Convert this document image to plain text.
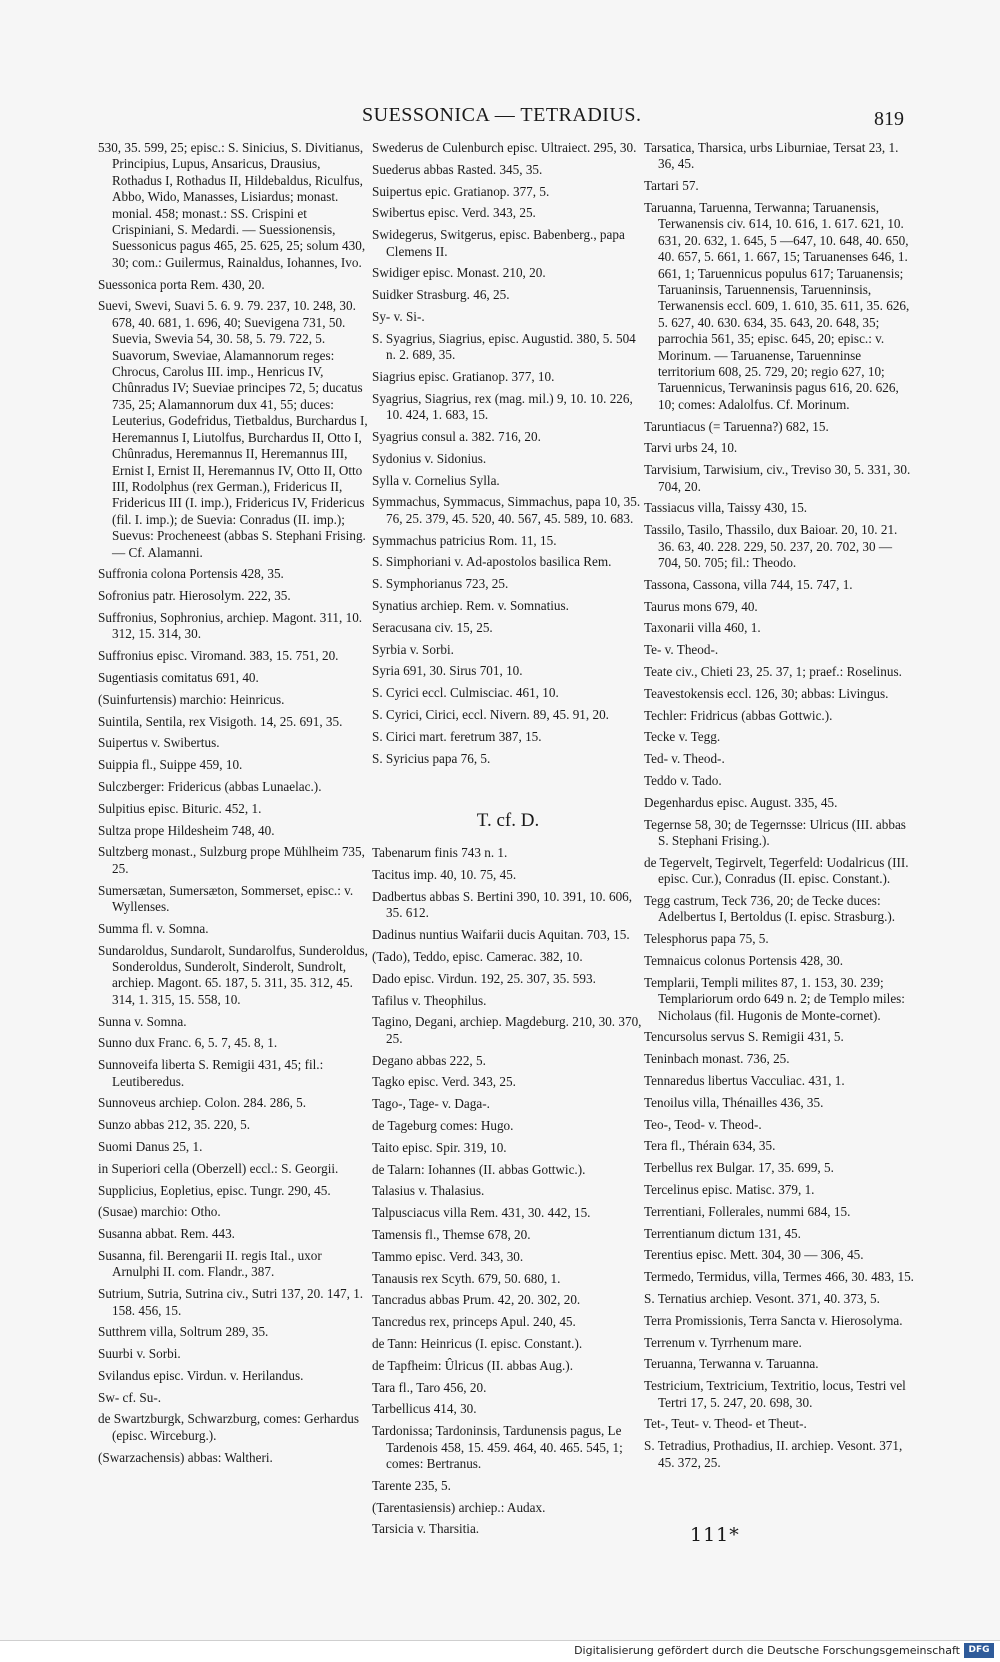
SUESSONICA — TETRADIUS.	819
530, 35. 599, 25; episc.: S. Sinicius, S. Divitianus, Principius, Lupus, Ansaricus, Drausius, Rothadus I, Rothadus II, Hildebaldus, Riculfus, Abbo, Wido, Manasses, Lisiardus; monast. monial. 458; monast.: SS. Crispini et Crispiniani, S. Medardi. — Suessionensis, Suessonicus pagus 465, 25. 625, 25; solum 430, 30; com.: Guilermus, Rainaldus, Iohannes, Ivo.
Suessonica porta Rem. 430, 20.
Suevi, Swevi, Suavi 5. 6. 9. 79. 237, 10. 248, 30. 678, 40. 681, 1. 696, 40; Suevigena 731, 50. Suevia, Swevia 54, 30. 58, 5. 79. 722, 5. Suavorum, Sweviae, Alamannorum reges: Chrocus, Carolus III. imp., Henricus IV, Chûnradus IV; Sueviae principes 72, 5; ducatus 735, 25; Alamannorum dux 41, 55; duces: Leuterius, Godefridus, Tietbaldus, Burchardus I, Heremannus I, Liutolfus, Burchardus II, Otto I, Chûnradus, Heremannus II, Heremannus III, Ernist I, Ernist II, Heremannus IV, Otto II, Otto III, Rodolphus (rex German.), Fridericus II, Fridericus III (I. imp.), Fridericus IV, Fridericus (fil. I. imp.); de Suevia: Conradus (II. imp.); Suevus: Procheneest (abbas S. Stephani Frising. — Cf. Alamanni.
Suffronia colona Portensis 428, 35.
Sofronius patr. Hierosolym. 222, 35.
Suffronius, Sophronius, archiep. Magont. 311, 10. 312, 15. 314, 30.
Suffronius episc. Viromand. 383, 15. 751, 20.
Sugentiasis comitatus 691, 40.
(Suinfurtensis) marchio: Heinricus.
Suintila, Sentila, rex Visigoth. 14, 25. 691, 35.
Suipertus v. Swibertus.
Suippia fl., Suippe 459, 10.
Sulczberger: Fridericus (abbas Lunaelac.).
Sulpitius episc. Bituric. 452, 1.
Sultza prope Hildesheim 748, 40.
Sultzberg monast., Sulzburg prope Mühlheim 735, 25.
Sumersætan, Sumersæton, Sommerset, episc.: v. Wyllenses.
Summa fl. v. Somna.
Sundaroldus, Sundarolt, Sundarolfus, Sunderoldus, Sonderoldus, Sunderolt, Sinderolt, Sundrolt, archiep. Magont. 65. 187, 5. 311, 35. 312, 45. 314, 1. 315, 15. 558, 10.
Sunna v. Somna.
Sunno dux Franc. 6, 5. 7, 45. 8, 1.
Sunnoveifa liberta S. Remigii 431, 45; fil.: Leutiberedus.
Sunnoveus archiep. Colon. 284. 286, 5.
Sunzo abbas 212, 35. 220, 5.
Suomi Danus 25, 1.
in Superiori cella (Oberzell) eccl.: S. Georgii.
Supplicius, Eopletius, episc. Tungr. 290, 45.
(Susae) marchio: Otho.
Susanna abbat. Rem. 443.
Susanna, fil. Berengarii II. regis Ital., uxor Arnulphi II. com. Flandr., 387.
Sutrium, Sutria, Sutrina civ., Sutri 137, 20. 147, 1. 158. 456, 15.
Sutthrem villa, Soltrum 289, 35.
Suurbi v. Sorbi.
Svilandus episc. Virdun. v. Herilandus.
Sw- cf. Su-.
de Swartzburgk, Schwarzburg, comes: Gerhardus (episc. Wirceburg.).
(Swarzachensis) abbas: Waltheri.
Swederus de Culenburch episc. Ultraiect. 295, 30.
Suederus abbas Rasted. 345, 35.
Suipertus epic. Gratianop. 377, 5.
Swibertus episc. Verd. 343, 25.
Swidegerus, Switgerus, episc. Babenberg., papa Clemens II.
Swidiger episc. Monast. 210, 20.
Suidker Strasburg. 46, 25.
Sy- v. Si-.
S. Syagrius, Siagrius, episc. Augustid. 380, 5. 504 n. 2. 689, 35.
Siagrius episc. Gratianop. 377, 10.
Syagrius, Siagrius, rex (mag. mil.) 9, 10. 10. 226, 10. 424, 1. 683, 15.
Syagrius consul a. 382. 716, 20.
Sydonius v. Sidonius.
Sylla v. Cornelius Sylla.
Symmachus, Symmacus, Simmachus, papa 10, 35. 76, 25. 379, 45. 520, 40. 567, 45. 589, 10. 683.
Symmachus patricius Rom. 11, 15.
S. Simphoriani v. Ad-apostolos basilica Rem.
S. Symphorianus 723, 25.
Synatius archiep. Rem. v. Somnatius.
Seracusana civ. 15, 25.
Syrbia v. Sorbi.
Syria 691, 30. Sirus 701, 10.
S. Cyrici eccl. Culmisciac. 461, 10.
S. Cyrici, Cirici, eccl. Nivern. 89, 45. 91, 20.
S. Cirici mart. feretrum 387, 15.
S. Syricius papa 76, 5.
T. cf. D.
Tabenarum finis 743 n. 1.
Tacitus imp. 40, 10. 75, 45.
Dadbertus abbas S. Bertini 390, 10. 391, 10. 606, 35. 612.
Dadinus nuntius Waifarii ducis Aquitan. 703, 15.
(Tado), Teddo, episc. Camerac. 382, 10.
Dado episc. Virdun. 192, 25. 307, 35. 593.
Tafilus v. Theophilus.
Tagino, Degani, archiep. Magdeburg. 210, 30. 370, 25.
Degano abbas 222, 5.
Tagko episc. Verd. 343, 25.
Tago-, Tage- v. Daga-.
de Tageburg comes: Hugo.
Taito episc. Spir. 319, 10.
de Talarn: Iohannes (II. abbas Gottwic.).
Talasius v. Thalasius.
Talpusciacus villa Rem. 431, 30. 442, 15.
Tamensis fl., Themse 678, 20.
Tammo episc. Verd. 343, 30.
Tanausis rex Scyth. 679, 50. 680, 1.
Tancradus abbas Prum. 42, 20. 302, 20.
Tancredus rex, princeps Apul. 240, 45.
de Tann: Heinricus (I. episc. Constant.).
de Tapfheim: Ûlricus (II. abbas Aug.).
Tara fl., Taro 456, 20.
Tarbellicus 414, 30.
Tardonissa; Tardoninsis, Tardunensis pagus, Le Tardenois 458, 15. 459. 464, 40. 465. 545, 1; comes: Bertranus.
Tarente 235, 5.
(Tarentasiensis) archiep.: Audax.
Tarsicia v. Tharsitia.
Tarsatica, Tharsica, urbs Liburniae, Tersat 23, 1. 36, 45.
Tartari 57.
Taruanna, Taruenna, Terwanna; Taruanensis, Terwanensis civ. 614, 10. 616, 1. 617. 621, 10. 631, 20. 632, 1. 645, 5 —647, 10. 648, 40. 650, 40. 657, 5. 661, 1. 667, 15; Taruanenses 646, 1. 661, 1; Taruennicus populus 617; Taruanensis; Taruaninsis, Taruennensis, Taruenninsis, Terwanensis eccl. 609, 1. 610, 35. 611, 35. 626, 5. 627, 40. 630. 634, 35. 643, 20. 648, 35; parrochia 561, 35; episc. 645, 20; episc.: v. Morinum. — Taruanense, Taruenninse territorium 608, 25. 729, 20; regio 627, 10; Taruennicus, Terwaninsis pagus 616, 20. 626, 10; comes: Adalolfus. Cf. Morinum.
Taruntiacus (= Taruenna?) 682, 15.
Tarvi urbs 24, 10.
Tarvisium, Tarwisium, civ., Treviso 30, 5. 331, 30. 704, 20.
Tassiacus villa, Taissy 430, 15.
Tassilo, Tasilo, Thassilo, dux Baioar. 20, 10. 21. 36. 63, 40. 228. 229, 50. 237, 20. 702, 30 — 704, 50. 705; fil.: Theodo.
Tassona, Cassona, villa 744, 15. 747, 1.
Taurus mons 679, 40.
Taxonarii villa 460, 1.
Te- v. Theod-.
Teate civ., Chieti 23, 25. 37, 1; praef.: Roselinus.
Teavestokensis eccl. 126, 30; abbas: Livingus.
Techler: Fridricus (abbas Gottwic.).
Tecke v. Tegg.
Ted- v. Theod-.
Teddo v. Tado.
Degenhardus episc. August. 335, 45.
Tegernse 58, 30; de Tegernsse: Ulricus (III. abbas S. Stephani Frising.).
de Tegervelt, Tegirvelt, Tegerfeld: Uodalricus (III. episc. Cur.), Conradus (II. episc. Constant.).
Tegg castrum, Teck 736, 20; de Tecke duces: Adelbertus I, Bertoldus (I. episc. Strasburg.).
Telesphorus papa 75, 5.
Temnaicus colonus Portensis 428, 30.
Templarii, Templi milites 87, 1. 153, 30. 239; Templariorum ordo 649 n. 2; de Templo miles: Nicholaus (fil. Hugonis de Monte-cornet).
Tencursolus servus S. Remigii 431, 5.
Teninbach monast. 736, 25.
Tennaredus libertus Vacculiac. 431, 1.
Tenoilus villa, Thénailles 436, 35.
Teo-, Teod- v. Theod-.
Tera fl., Thérain 634, 35.
Terbellus rex Bulgar. 17, 35. 699, 5.
Tercelinus episc. Matisc. 379, 1.
Terrentiani, Follerales, nummi 684, 15.
Terrentianum dictum 131, 45.
Terentius episc. Mett. 304, 30 — 306, 45.
Termedo, Termidus, villa, Termes 466, 30. 483, 15.
S. Ternatius archiep. Vesont. 371, 40. 373, 5.
Terra Promissionis, Terra Sancta v. Hierosolyma.
Terrenum v. Tyrrhenum mare.
Teruanna, Terwanna v. Taruanna.
Testricium, Textricium, Textritio, locus, Testri vel Tertri 17, 5. 247, 20. 698, 30.
Tet-, Teut- v. Theod- et Theut-.
S. Tetradius, Prothadius, II. archiep. Vesont. 371, 45. 372, 25.
111*
Digitalisierung gefördert durch die Deutsche Forschungsgemeinschaft DFG
